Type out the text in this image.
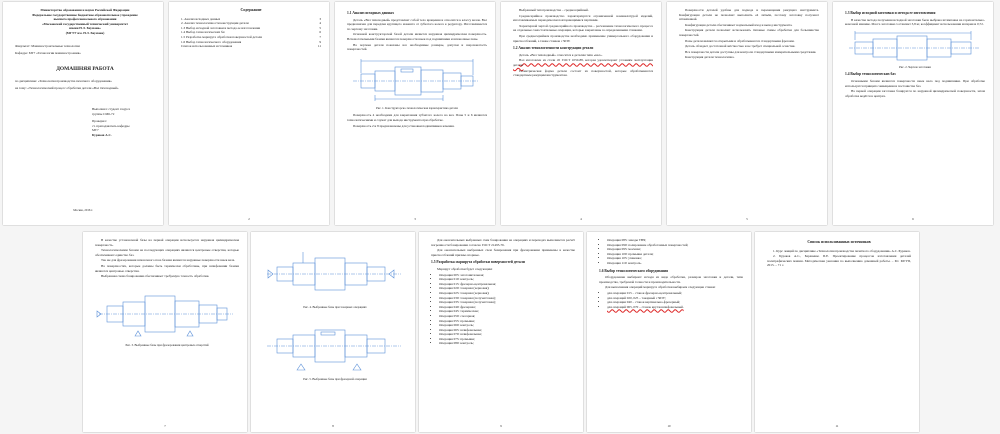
Министерство образования и науки Российской Федерации
Федеральное государственное бюджетное образовательное учреждение
высшего профессионального образования
«Московский государственный технический университет
имени Н.Э. Баумана»
(МГТУ им. Н.Э. Баумана)
Факультет: Машиностроительные технологии
Кафедра: МТ7 «Технологии машиностроения»
ДОМАШНЯЯ РАБОТА
по дисциплине: «Технология производства печатного оборудования»
на тему: «Технологический процесс обработки детали «Вал тихоходный»
Выполнил: студент 4 курса
группы СМ6-72
Проверил:
ст. преподаватель кафедры
МТ7
Бураков А.С.
Москва, 2016 г.
Содержание
1. Анализ исходных данных	3
2. Анализ технологичности конструкции детали	4
1.3 Выбор исходной заготовки и метода ее изготовления	5
1.4 Выбор технологических баз	6
1.5 Разработка маршрута обработки поверхностей детали	7
1.6 Выбор технологического оборудования	9
Список использованных источников	11
2
1.1 Анализ исходных данных

Деталь «Вал тихоходный» представляет собой тело вращения и относится к классу валов. Вал предназначен для передачи крутящего момента от зубчатого колеса к редуктору. Изготавливается по чертежу заготовки.

Основной конструкторской базой детали является наружная цилиндрическая поверхность. Вспомогательными базами являются поверхности шеек под подшипники и шпоночные пазы.

На чертеже детали показаны все необходимые размеры, допуски и шероховатость поверхностей.

Рис. 1. Конструкторско-технологическая характеристика детали

Поверхность 4 необходима для закрепления зубчатого колеса на вал. Пазы 5 и 6 являются технологическими и служат для выхода инструмента при обработке.

Поверхность 2 и 8 предназначены для установки подшипников качения.

3

Выбранный тип производства – среднесерийный.

Среднесерийное производство характеризуется ограниченной номенклатурой изделий, изготавливаемых периодически повторяющимися партиями.

Характерной чертой среднесерийного производства – расчленение технологического процесса на отдельные самостоятельные операции, которые закреплены за определенными станками.

При среднесерийном производстве необходимо применение универсального оборудования и приспособлений, а также станков с ЧПУ.

1.2 Анализ технологичности конструкции детали

Деталь «Вал тихоходный» относится к деталям типа «вал».

Вал изготовлен из стали 45 ГОСТ 1050-88, которая удовлетворяет условиям эксплуатации детали.

Геометрическая форма детали состоит из поверхностей, которые обрабатываются стандартным режущим инструментом.

4

Поверхности деталей удобны для подвода и перемещения режущего инструмента. Конфигурация детали не позволяет выполнять её литьём, поэтому заготовку получают штамповкой.

Конфигурация детали обеспечивает нормальный вход и выход инструмента.

Конструкция детали позволяет использовать типовые схемы обработки для большинства поверхностей.

Пазы детали являются открытыми и обрабатываются стандартными фрезами.

Деталь обладает достаточной жёсткостью и не требует специальной оснастки.

Все поверхности детали доступны для контроля стандартными измерительными средствами.

Конструкция детали технологична.

5
1.3 Выбор исходной заготовки и метода ее изготовления

В качестве метода получения исходной заготовки была выбрана штамповка на горизонтально-ковочной машине. Масса заготовки составляет 3,8 кг, коэффициент использования материала 0,72.

Рис. 2. Чертеж заготовки
1.4 Выбор технологических баз

Основными базами являются поверхности шеек вала под подшипники. При обработке используется принцип совмещения и постоянства баз.

На первой операции заготовка базируется по наружной цилиндрической поверхности, затем обработка ведётся в центрах.

6

В качестве установочной базы на первой операции используется наружная цилиндрическая поверхность.

Технологическими базами на последующих операциях являются центровые отверстия, которые обеспечивают единство баз.

Так же для фрезерования шпоночного паза базами являются наружные поверхности шеек вала.

На поверхностях, которые должны быть термически обработаны, при шлифовании базами являются центровые отверстия.

Выбранная схема базирования обеспечивает требуемую точность обработки.

Рис. 3. Выбранные базы при фрезеровании центровых отверстий
7
Рис. 4. Выбранные базы при токарных операциях
Рис. 5. Выбранные базы при фрезерной операции
8

Для окончательных выбранных схем базирования на операциях и переходах выполняется расчёт погрешности базирования согласно ГОСТ 21495-76.

Для окончательных выбранных схем базирования при фрезеровании применены в качестве приспособлений призмы опорные.

1.5 Разработка маршрута обработки поверхностей детали

Маршрут обработки будет следующим:

• Операция 005: заготовительная;
• Операция 010: контроль;
• Операция 015: фрезерно-центровальная;
• Операция 020: токарная (черновая);
• Операция 025: токарная (черновая);
• Операция 030: токарная (получистовая);
• Операция 035: токарная (получистовая);
• Операция 040: фрезерная;
• Операция 045: термическая;
• Операция 050: слесарная;
• Операция 055: промывка;
• Операция 060: контроль;
• Операция 065: шлифовальная;
• Операция 070: шлифовальная;
• Операция 075: промывка;
• Операция 080: контроль;
9
• Операция 085: заводы ТВЧ;
• Операция 090: полирование обработанных поверхностей;
• Операция 095: моечная;
• Операция 100: промывка детали;
• Операция 105: упаковка;
• Операция 110: контроль.
1.6 Выбор технологического оборудования

Оборудование выбирают исходя из вида обработки, размеров заготовки и детали, типа производства, требуемой точности и производительности.

Для выполнения операций маршрута обработки выбираем следующие станки:

• для операции 015 – станок фрезерно-центровальный;
• для операций 020, 025 – токарный с ЧПУ;
• для операции 040 – станок вертикально-фрезерный;
• для операций 065, 070 – станок круглошлифовальный.
10
Список использованных источников

1. Курс лекций по дисциплине «Технология производства печатного оборудования» А.С. Бураков.

2. Бураков А.С., Бараненко П.Е. Проектирование процессов изготовления деталей полиграфических машин. Методические указания по выполнению домашней работы. – М.: МГУП, 2015. – 71 с.

11
